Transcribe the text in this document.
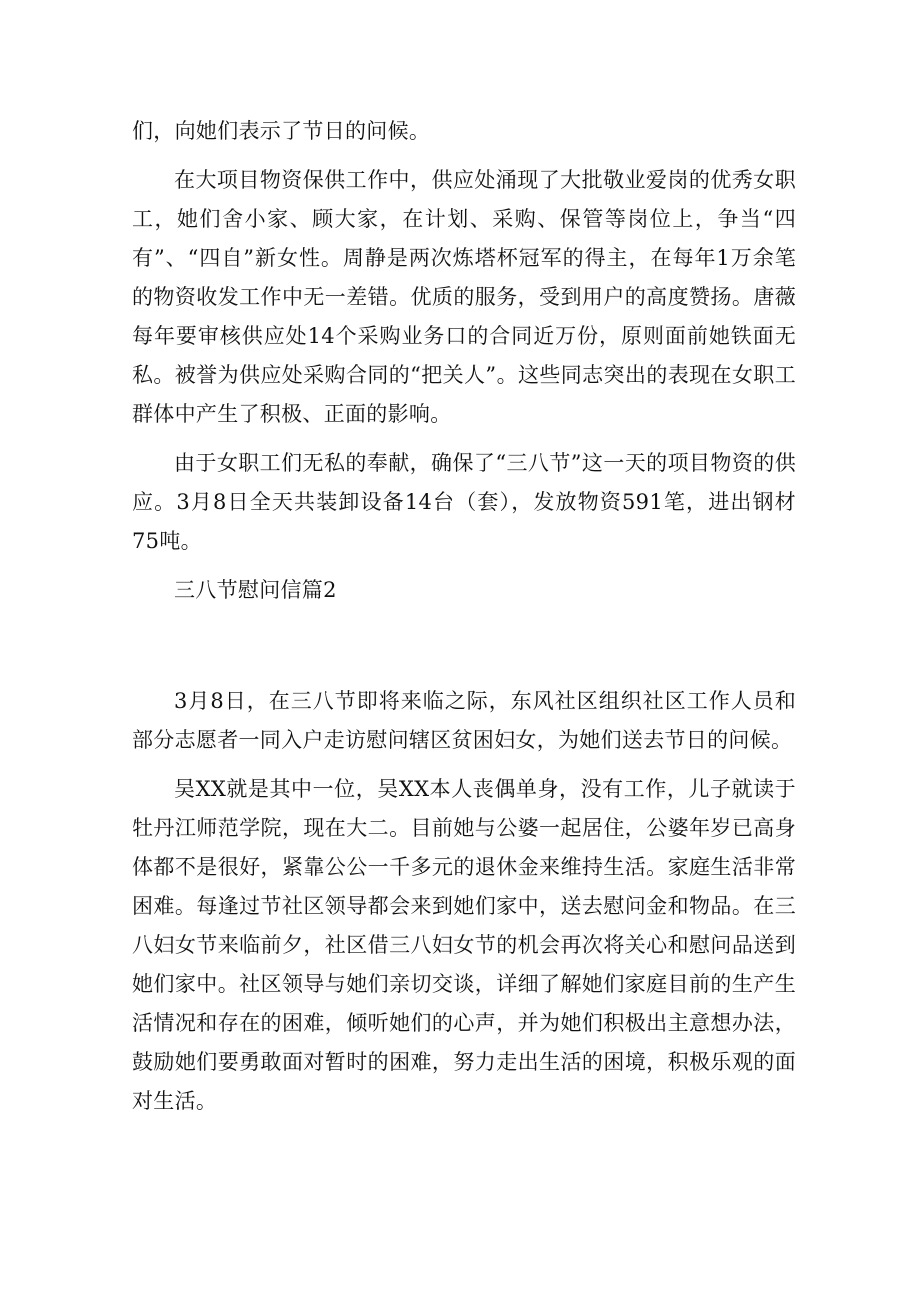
们，向她们表示了节日的问候。

在大项目物资保供工作中，供应处涌现了大批敬业爱岗的优秀女职工，她们舍小家、顾大家，在计划、采购、保管等岗位上，争当“四有”、“四自”新女性。周静是两次炼塔杯冠军的得主，在每年1万余笔的物资收发工作中无一差错。优质的服务，受到用户的高度赞扬。唐薇每年要审核供应处14个采购业务口的合同近万份，原则面前她铁面无私。被誉为供应处采购合同的“把关人”。这些同志突出的表现在女职工群体中产生了积极、正面的影响。

由于女职工们无私的奉献，确保了“三八节”这一天的项目物资的供应。3月8日全天共装卸设备14台（套），发放物资591笔，进出钢材75吨。

三八节慰问信篇2

3月8日，在三八节即将来临之际，东风社区组织社区工作人员和部分志愿者一同入户走访慰问辖区贫困妇女，为她们送去节日的问候。

吴XX就是其中一位，吴XX本人丧偶单身，没有工作，儿子就读于牡丹江师范学院，现在大二。目前她与公婆一起居住，公婆年岁已高身体都不是很好，紧靠公公一千多元的退休金来维持生活。家庭生活非常困难。每逢过节社区领导都会来到她们家中，送去慰问金和物品。在三八妇女节来临前夕，社区借三八妇女节的机会再次将关心和慰问品送到她们家中。社区领导与她们亲切交谈，详细了解她们家庭目前的生产生活情况和存在的困难，倾听她们的心声，并为她们积极出主意想办法，鼓励她们要勇敢面对暂时的困难，努力走出生活的困境，积极乐观的面对生活。
